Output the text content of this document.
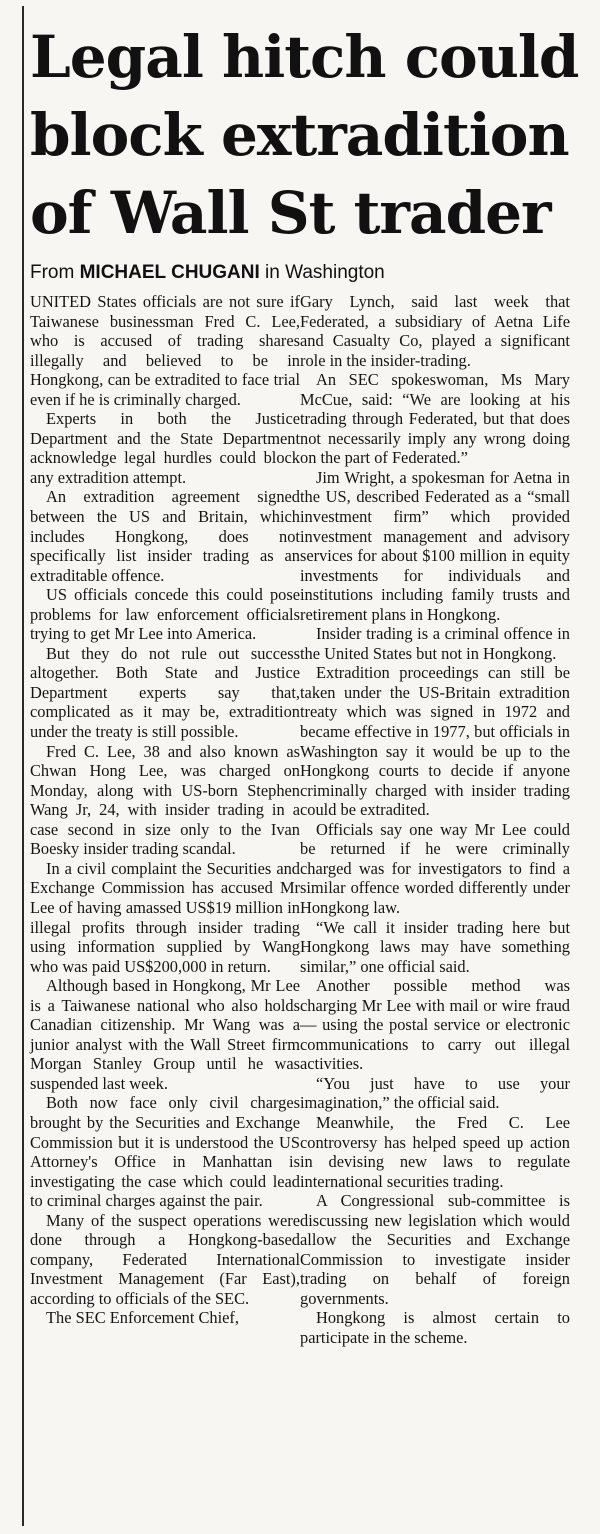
Legal hitch could
block extradition
of Wall St trader
From MICHAEL CHUGANI in Washington

UNITED States officials are not sure if Taiwanese businessman Fred C. Lee, who is accused of trading shares illegally and believed to be in Hongkong, can be extradited to face trial even if he is criminally charged.

Experts in both the Justice Department and the State Department acknowledge legal hurdles could block any extradition attempt.

An extradition agreement signed between the US and Britain, which includes Hongkong, does not specifically list insider trading as an extraditable offence.

US officials concede this could pose problems for law enforcement officials trying to get Mr Lee into America.

But they do not rule out success altogether. Both State and Justice Department experts say that, complicated as it may be, extradition under the treaty is still possible.

Fred C. Lee, 38 and also known as Chwan Hong Lee, was charged on Monday, along with US-born Stephen Wang Jr, 24, with insider trading in a case second in size only to the Ivan Boesky insider trading scandal.

In a civil complaint the Securities and Exchange Commission has accused Mr Lee of having amassed US$19 million in illegal profits through insider trading using information supplied by Wang who was paid US$200,000 in return.

Although based in Hongkong, Mr Lee is a Taiwanese national who also holds Canadian citizenship. Mr Wang was a junior analyst with the Wall Street firm Morgan Stanley Group until he was suspended last week.

Both now face only civil charges brought by the Securities and Exchange Commission but it is understood the US Attorney's Office in Manhattan is investigating the case which could lead to criminal charges against the pair.

Many of the suspect operations were done through a Hongkong-based company, Federated International Investment Management (Far East), according to officials of the SEC.

The SEC Enforcement Chief,

Gary Lynch, said last week that Federated, a subsidiary of Aetna Life and Casualty Co, played a significant role in the insider-trading.

An SEC spokeswoman, Ms Mary McCue, said: “We are looking at his trading through Federated, but that does not necessarily imply any wrong doing on the part of Federated.”

Jim Wright, a spokesman for Aetna in the US, described Federated as a “small investment firm” which provided investment management and advisory services for about $100 million in equity investments for individuals and institutions including family trusts and retirement plans in Hongkong.

Insider trading is a criminal offence in the United States but not in Hongkong.

Extradition proceedings can still be taken under the US-Britain extradition treaty which was signed in 1972 and became effective in 1977, but officials in Washington say it would be up to the Hongkong courts to decide if anyone criminally charged with insider trading could be extradited.

Officials say one way Mr Lee could be returned if he were criminally charged was for investigators to find a similar offence worded differently under Hongkong law.

“We call it insider trading here but Hongkong laws may have something similar,” one official said.

Another possible method was charging Mr Lee with mail or wire fraud — using the postal service or electronic communications to carry out illegal activities.

“You just have to use your imagination,” the official said.

Meanwhile, the Fred C. Lee controversy has helped speed up action in devising new laws to regulate international securities trading.

A Congressional sub-committee is discussing new legislation which would allow the Securities and Exchange Commission to investigate insider trading on behalf of foreign governments.

Hongkong is almost certain to participate in the scheme.
